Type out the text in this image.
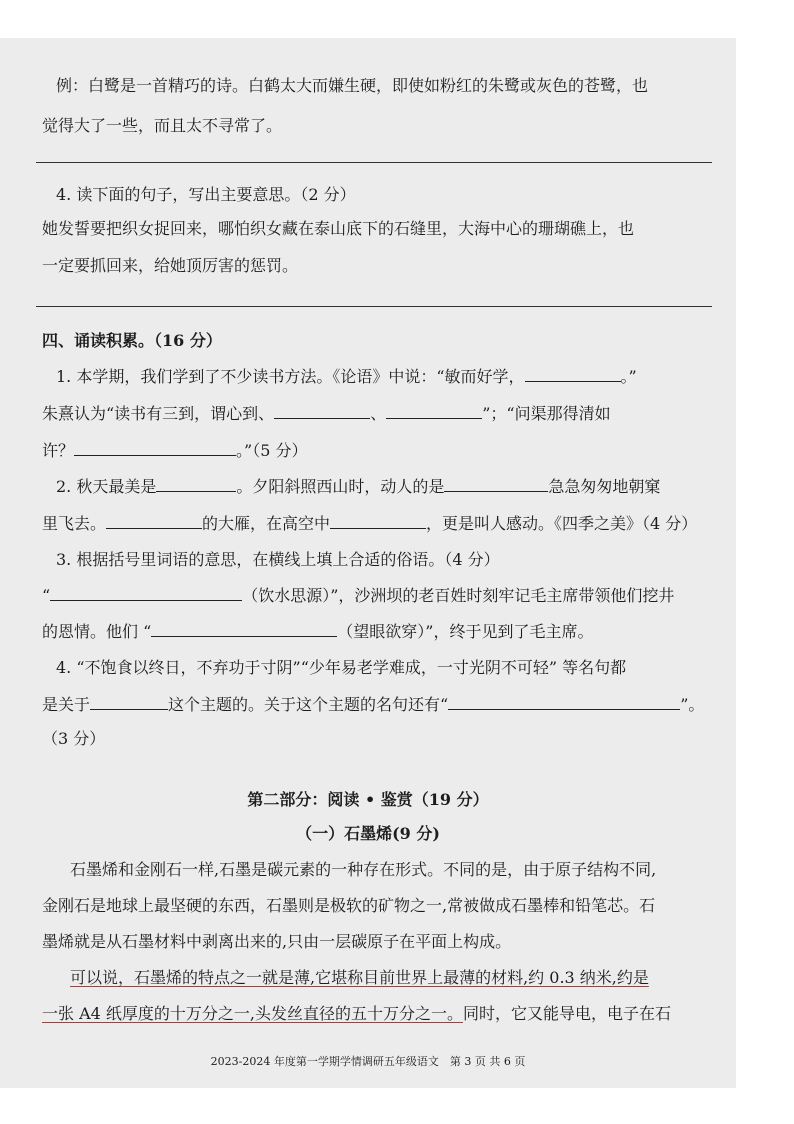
例：白鹭是一首精巧的诗。白鹤太大而嫌生硬，即使如粉红的朱鹭或灰色的苍鹭，也
觉得大了一些，而且太不寻常了。
4. 读下面的句子，写出主要意思。（2 分）
她发誓要把织女捉回来，哪怕织女藏在泰山底下的石缝里，大海中心的珊瑚礁上，也
一定要抓回来，给她顶厉害的惩罚。
四、诵读积累。（16 分）
1. 本学期，我们学到了不少读书方法。《论语》中说：“敏而好学，	。”
朱熹认为“读书有三到，谓心到、	、	”；“问渠那得清如
许？	。”（5 分）
2. 秋天最美是	。夕阳斜照西山时，动人的是	急急匆匆地朝窠
里飞去。	的大雁，在高空中	，更是叫人感动。《四季之美》（4 分）
3. 根据括号里词语的意思，在横线上填上合适的俗语。（4 分）
“	（饮水思源）”，沙洲坝的老百姓时刻牢记毛主席带领他们挖井
的恩情。他们 “	（望眼欲穿）”，终于见到了毛主席。
4. “不饱食以终日，不弃功于寸阴”“少年易老学难成，一寸光阴不可轻” 等名句都
是关于	这个主题的。关于这个主题的名句还有“	”。
（3 分）
第二部分：阅读 • 鉴赏（19 分）
（一）石墨烯(9 分)
石墨烯和金刚石一样,石墨是碳元素的一种存在形式。不同的是，由于原子结构不同,
金刚石是地球上最坚硬的东西，石墨则是极软的矿物之一,常被做成石墨棒和铅笔芯。石
墨烯就是从石墨材料中剥离出来的,只由一层碳原子在平面上构成。
可以说，石墨烯的特点之一就是薄,它堪称目前世界上最薄的材料,约 0.3 纳米,约是
一张 A4 纸厚度的十万分之一,头发丝直径的五十万分之一。同时，它又能导电，电子在石
2023-2024 年度第一学期学情调研五年级语文　第 3 页 共 6 页
